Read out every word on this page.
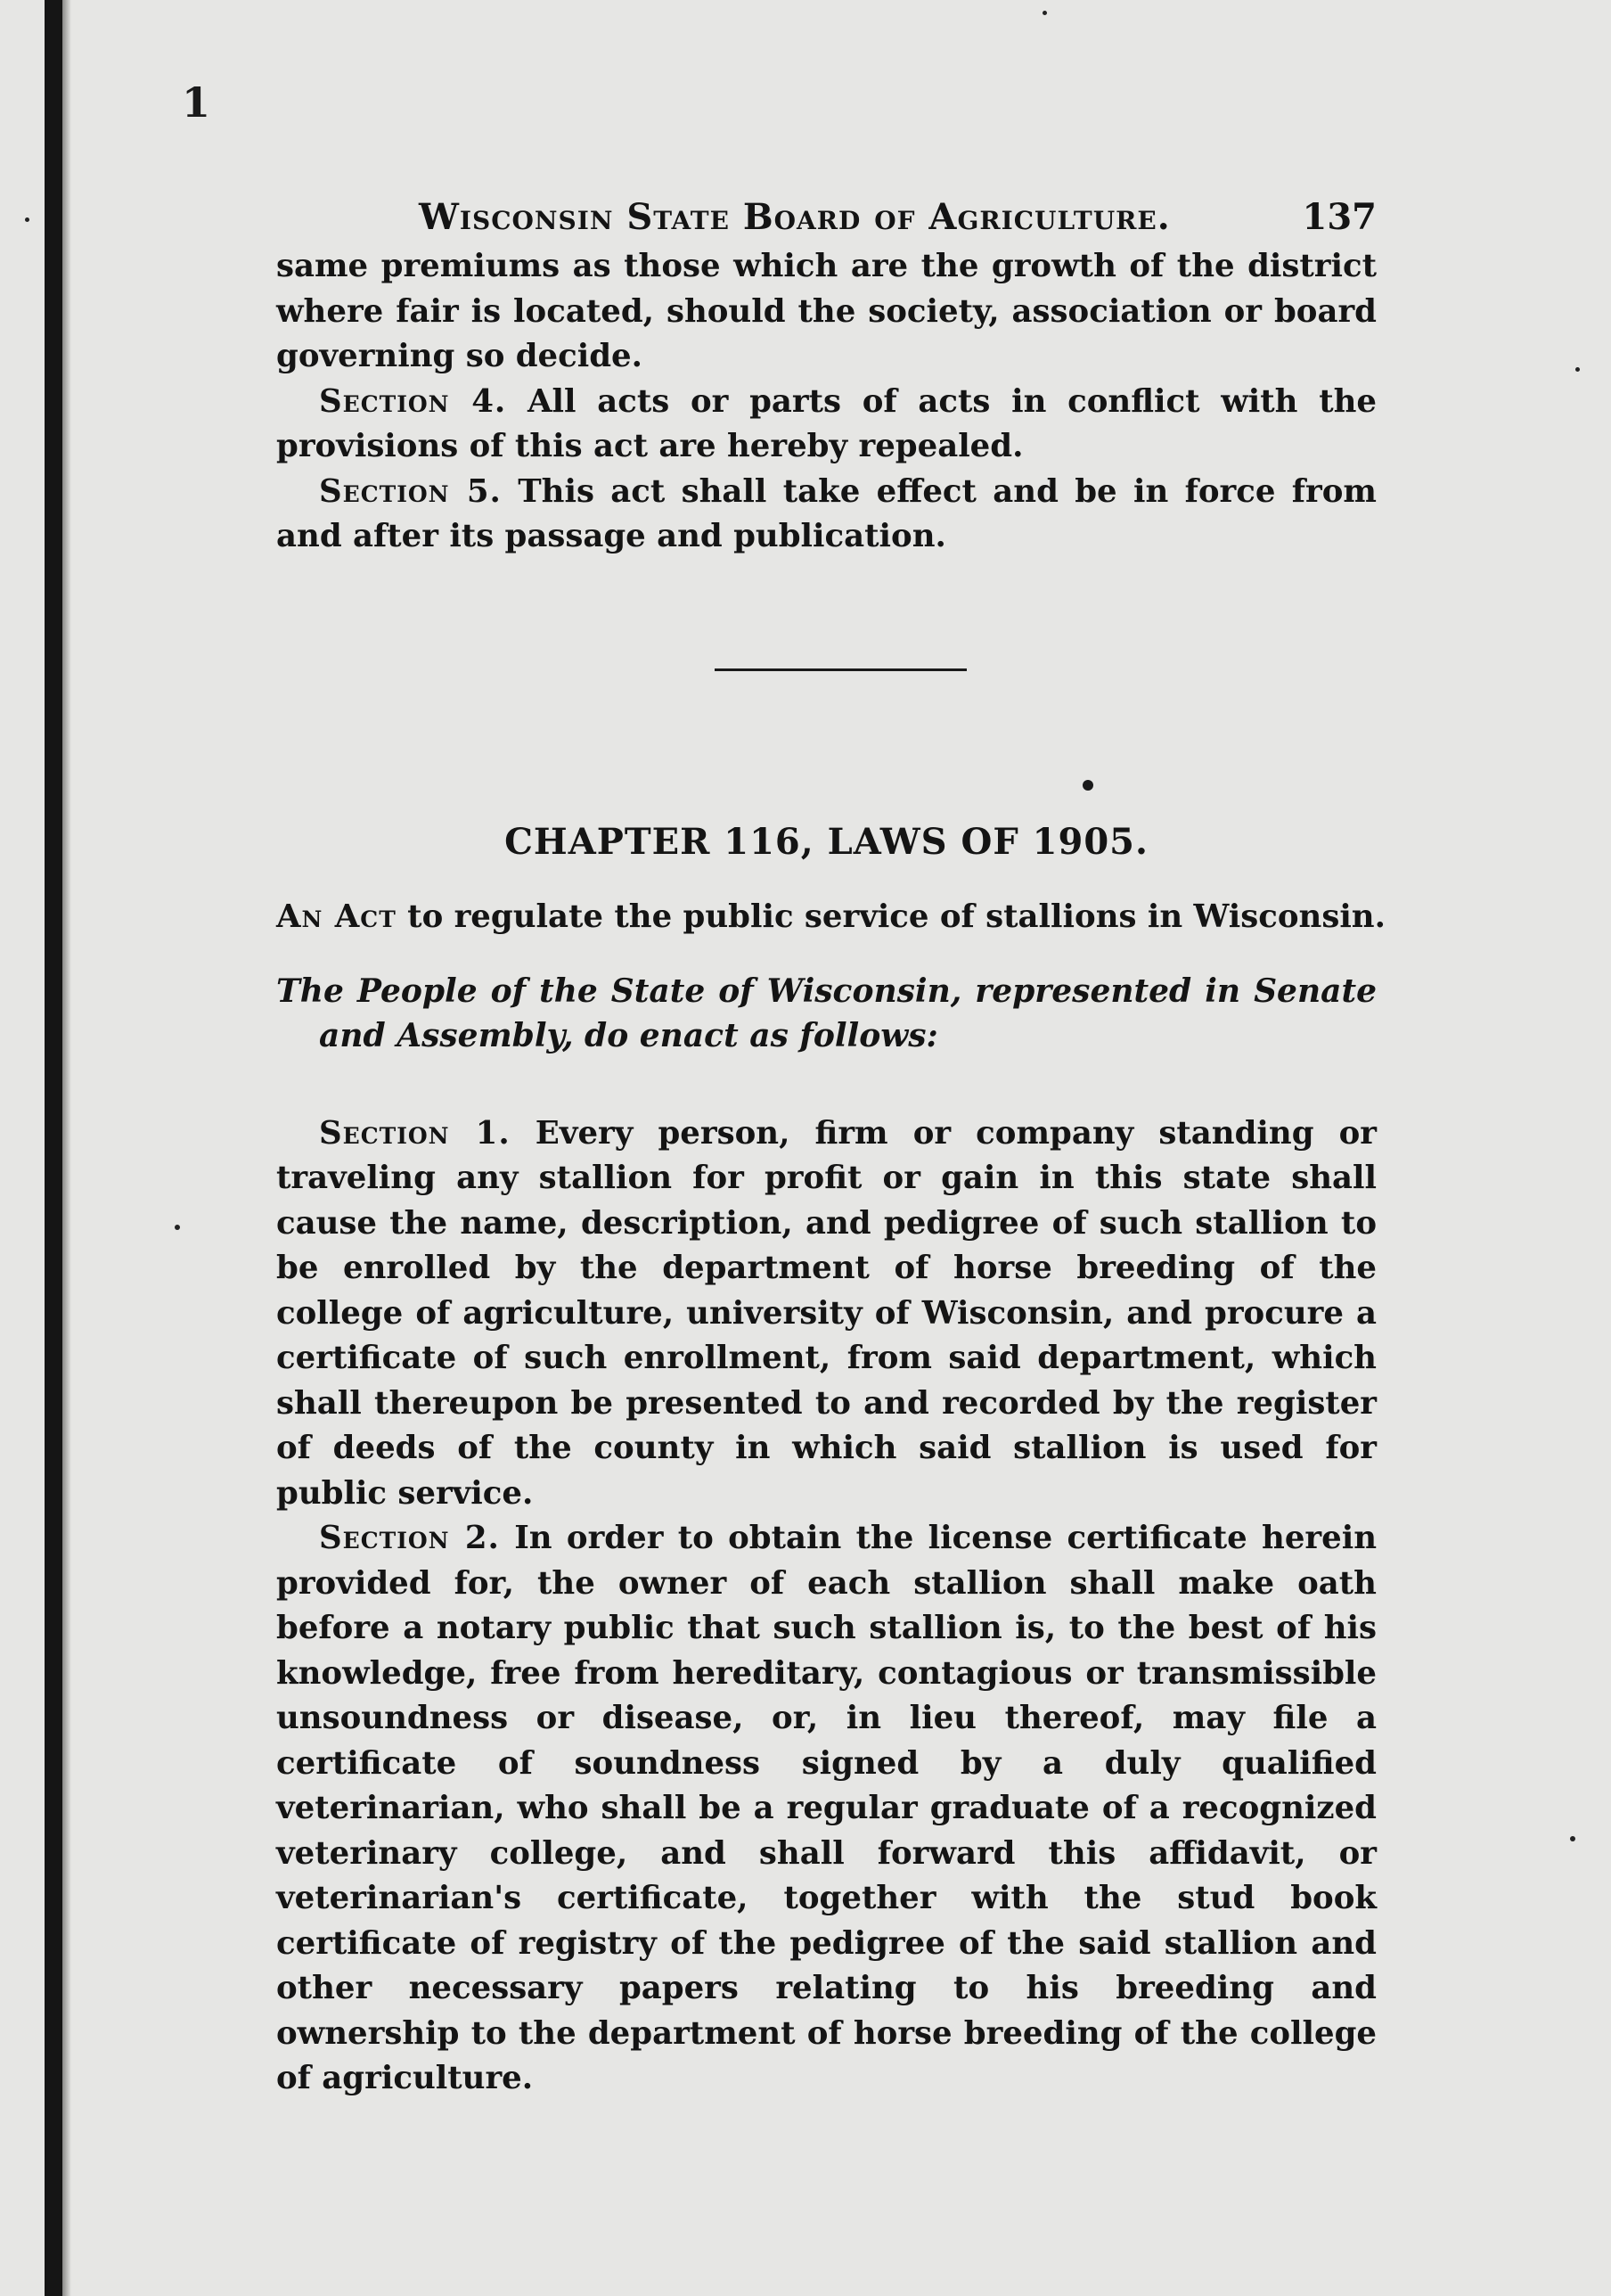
1
Wisconsin State Board of Agriculture.	137

same premiums as those which are the growth of the district where fair is located, should the society, association or board governing so decide.

Section 4. All acts or parts of acts in conflict with the provisions of this act are hereby repealed.

Section 5. This act shall take effect and be in force from and after its passage and publication.

CHAPTER 116, LAWS OF 1905.
An Act to regulate the public service of stallions in Wisconsin.

The People of the State of Wisconsin, represented in Senate and Assembly, do enact as follows:

Section 1. Every person, firm or company standing or traveling any stallion for profit or gain in this state shall cause the name, description, and pedigree of such stallion to be enrolled by the department of horse breeding of the college of agriculture, university of Wisconsin, and procure a certificate of such enrollment, from said department, which shall thereupon be presented to and recorded by the register of deeds of the county in which said stallion is used for public service.

Section 2. In order to obtain the license certificate herein provided for, the owner of each stallion shall make oath before a notary public that such stallion is, to the best of his knowledge, free from hereditary, contagious or transmissible unsoundness or disease, or, in lieu thereof, may file a certificate of soundness signed by a duly qualified veterinarian, who shall be a regular graduate of a recognized veterinary college, and shall forward this affidavit, or veterinarian's certificate, together with the stud book certificate of registry of the pedigree of the said stallion and other necessary papers relating to his breeding and ownership to the department of horse breeding of the college of agriculture.
